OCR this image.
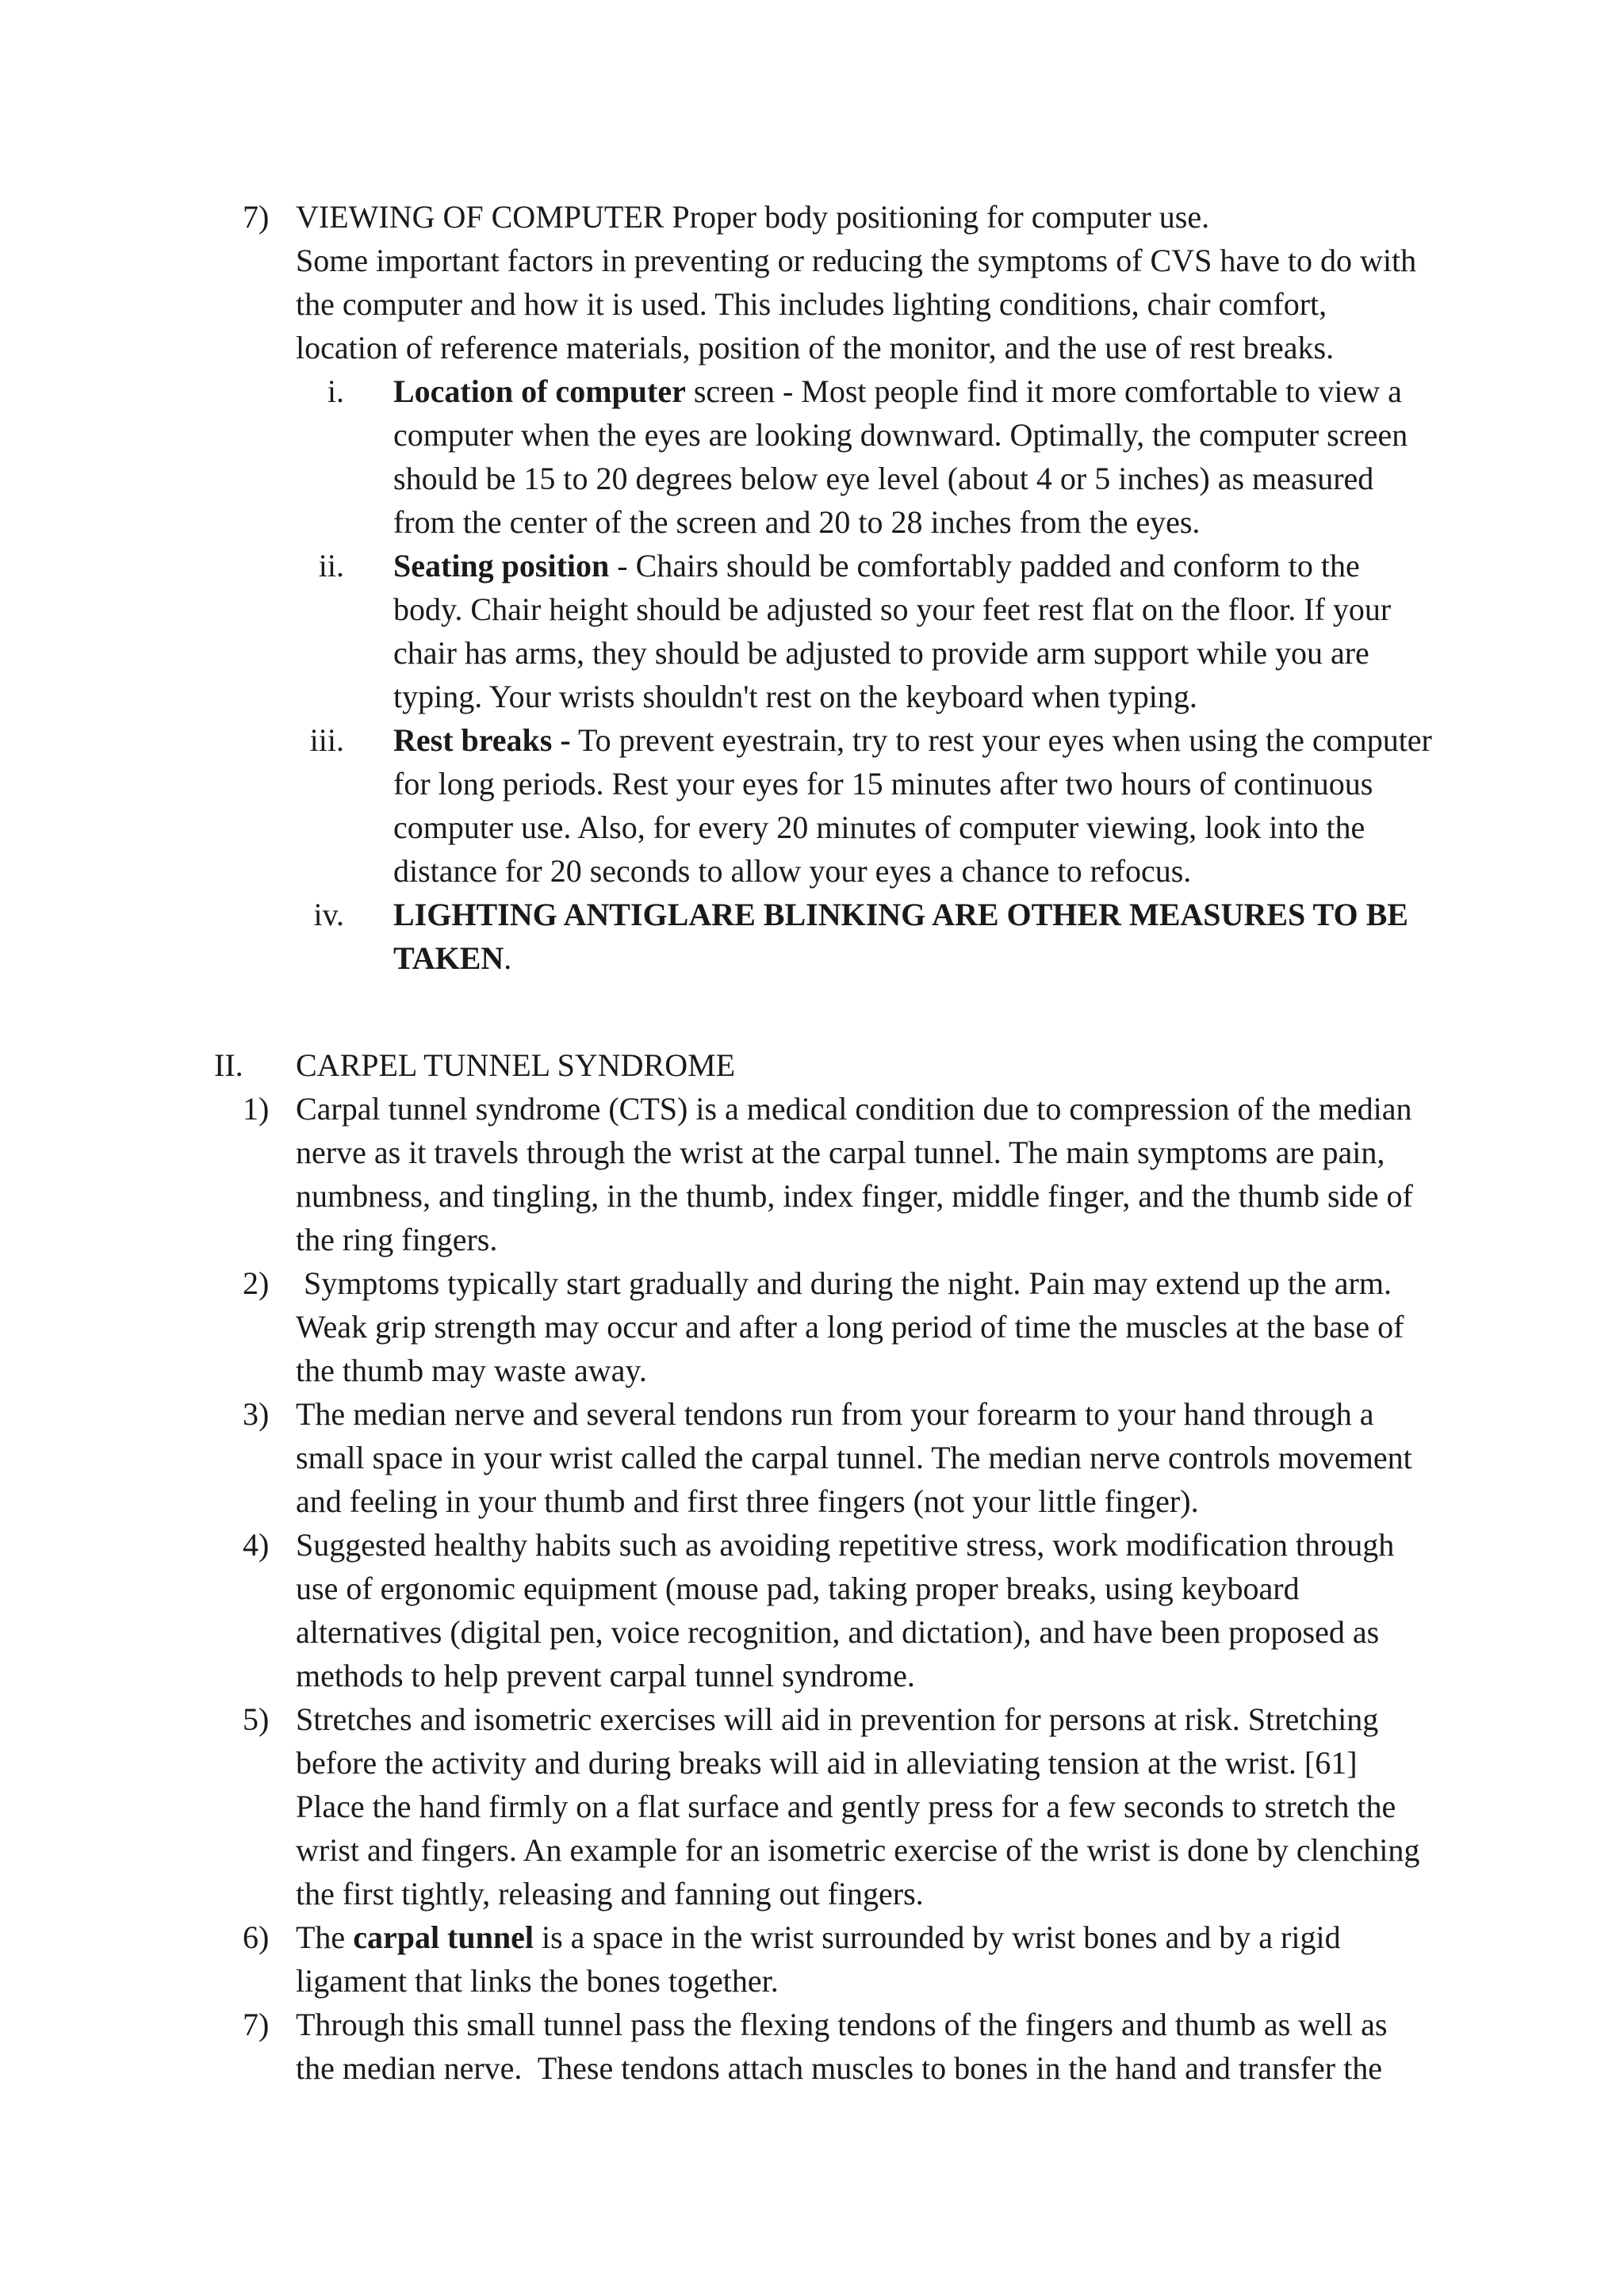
7) VIEWING OF COMPUTER Proper body positioning for computer use.
Some important factors in preventing or reducing the symptoms of CVS have to do with the computer and how it is used. This includes lighting conditions, chair comfort, location of reference materials, position of the monitor, and the use of rest breaks.
i. Location of computer screen - Most people find it more comfortable to view a computer when the eyes are looking downward. Optimally, the computer screen should be 15 to 20 degrees below eye level (about 4 or 5 inches) as measured from the center of the screen and 20 to 28 inches from the eyes.
ii. Seating position - Chairs should be comfortably padded and conform to the body. Chair height should be adjusted so your feet rest flat on the floor. If your chair has arms, they should be adjusted to provide arm support while you are typing. Your wrists shouldn't rest on the keyboard when typing.
iii. Rest breaks - To prevent eyestrain, try to rest your eyes when using the computer for long periods. Rest your eyes for 15 minutes after two hours of continuous computer use. Also, for every 20 minutes of computer viewing, look into the distance for 20 seconds to allow your eyes a chance to refocus.
iv. LIGHTING ANTIGLARE BLINKING ARE OTHER MEASURES TO BE TAKEN.
II. CARPEL TUNNEL SYNDROME
1) Carpal tunnel syndrome (CTS) is a medical condition due to compression of the median nerve as it travels through the wrist at the carpal tunnel. The main symptoms are pain, numbness, and tingling, in the thumb, index finger, middle finger, and the thumb side of the ring fingers.
2) Symptoms typically start gradually and during the night. Pain may extend up the arm. Weak grip strength may occur and after a long period of time the muscles at the base of the thumb may waste away.
3) The median nerve and several tendons run from your forearm to your hand through a small space in your wrist called the carpal tunnel. The median nerve controls movement and feeling in your thumb and first three fingers (not your little finger).
4) Suggested healthy habits such as avoiding repetitive stress, work modification through use of ergonomic equipment (mouse pad, taking proper breaks, using keyboard alternatives (digital pen, voice recognition, and dictation), and have been proposed as methods to help prevent carpal tunnel syndrome.
5) Stretches and isometric exercises will aid in prevention for persons at risk. Stretching before the activity and during breaks will aid in alleviating tension at the wrist. [61] Place the hand firmly on a flat surface and gently press for a few seconds to stretch the wrist and fingers. An example for an isometric exercise of the wrist is done by clenching the first tightly, releasing and fanning out fingers.
6) The carpal tunnel is a space in the wrist surrounded by wrist bones and by a rigid ligament that links the bones together.
7) Through this small tunnel pass the flexing tendons of the fingers and thumb as well as the median nerve.  These tendons attach muscles to bones in the hand and transfer the
